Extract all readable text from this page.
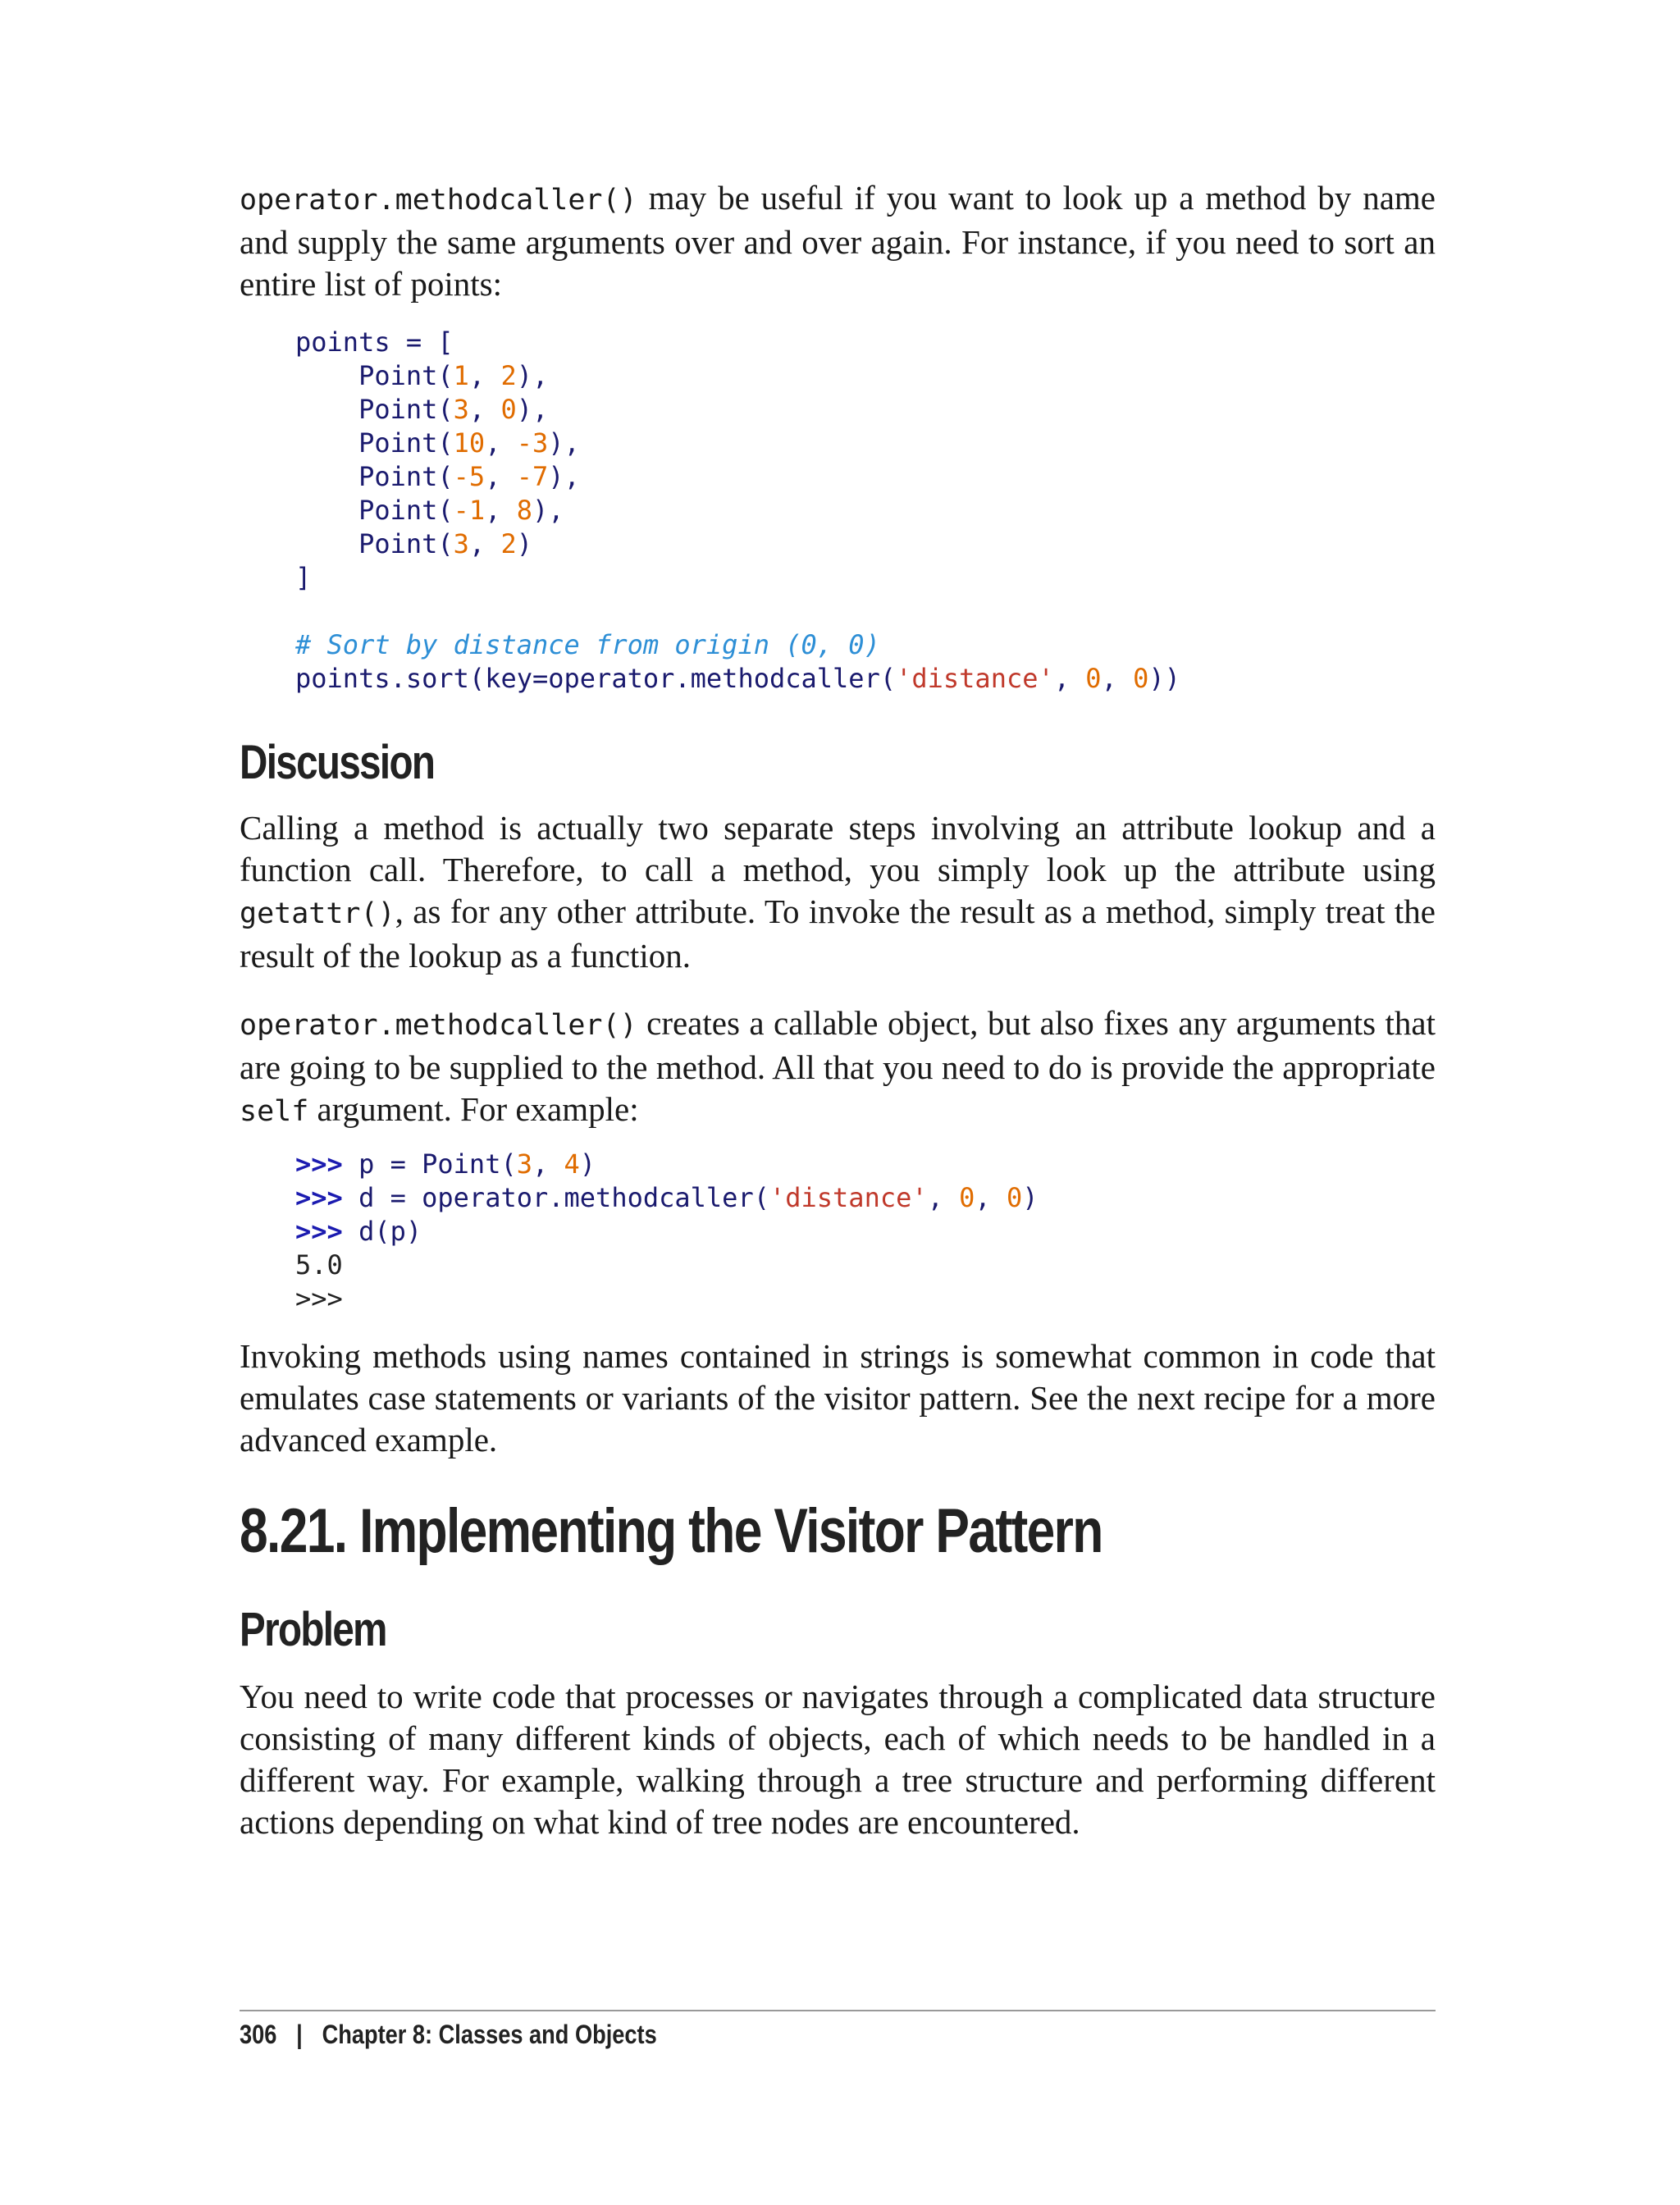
operator.methodcaller() may be useful if you want to look up a method by name and supply the same arguments over and over again. For instance, if you need to sort an entire list of points:

points = [
Point(1, 2),
Point(3, 0),
Point(10, -3),
Point(-5, -7),
Point(-1, 8),
Point(3, 2)
]

# Sort by distance from origin (0, 0)
points.sort(key=operator.methodcaller('distance', 0, 0))
Discussion

Calling a method is actually two separate steps involving an attribute lookup and a function call. Therefore, to call a method, you simply look up the attribute using getattr(), as for any other attribute. To invoke the result as a method, simply treat the result of the lookup as a function.

operator.methodcaller() creates a callable object, but also fixes any arguments that are going to be supplied to the method. All that you need to do is provide the appropriate self argument. For example:

>>> p = Point(3, 4)
>>> d = operator.methodcaller('distance', 0, 0)
>>> d(p)
5.0
>>>

Invoking methods using names contained in strings is somewhat common in code that emulates case statements or variants of the visitor pattern. See the next recipe for a more advanced example.

8.21. Implementing the Visitor Pattern
Problem

You need to write code that processes or navigates through a complicated data structure consisting of many different kinds of objects, each of which needs to be handled in a different way. For example, walking through a tree structure and performing different actions depending on what kind of tree nodes are encountered.

306 | Chapter 8: Classes and Objects
